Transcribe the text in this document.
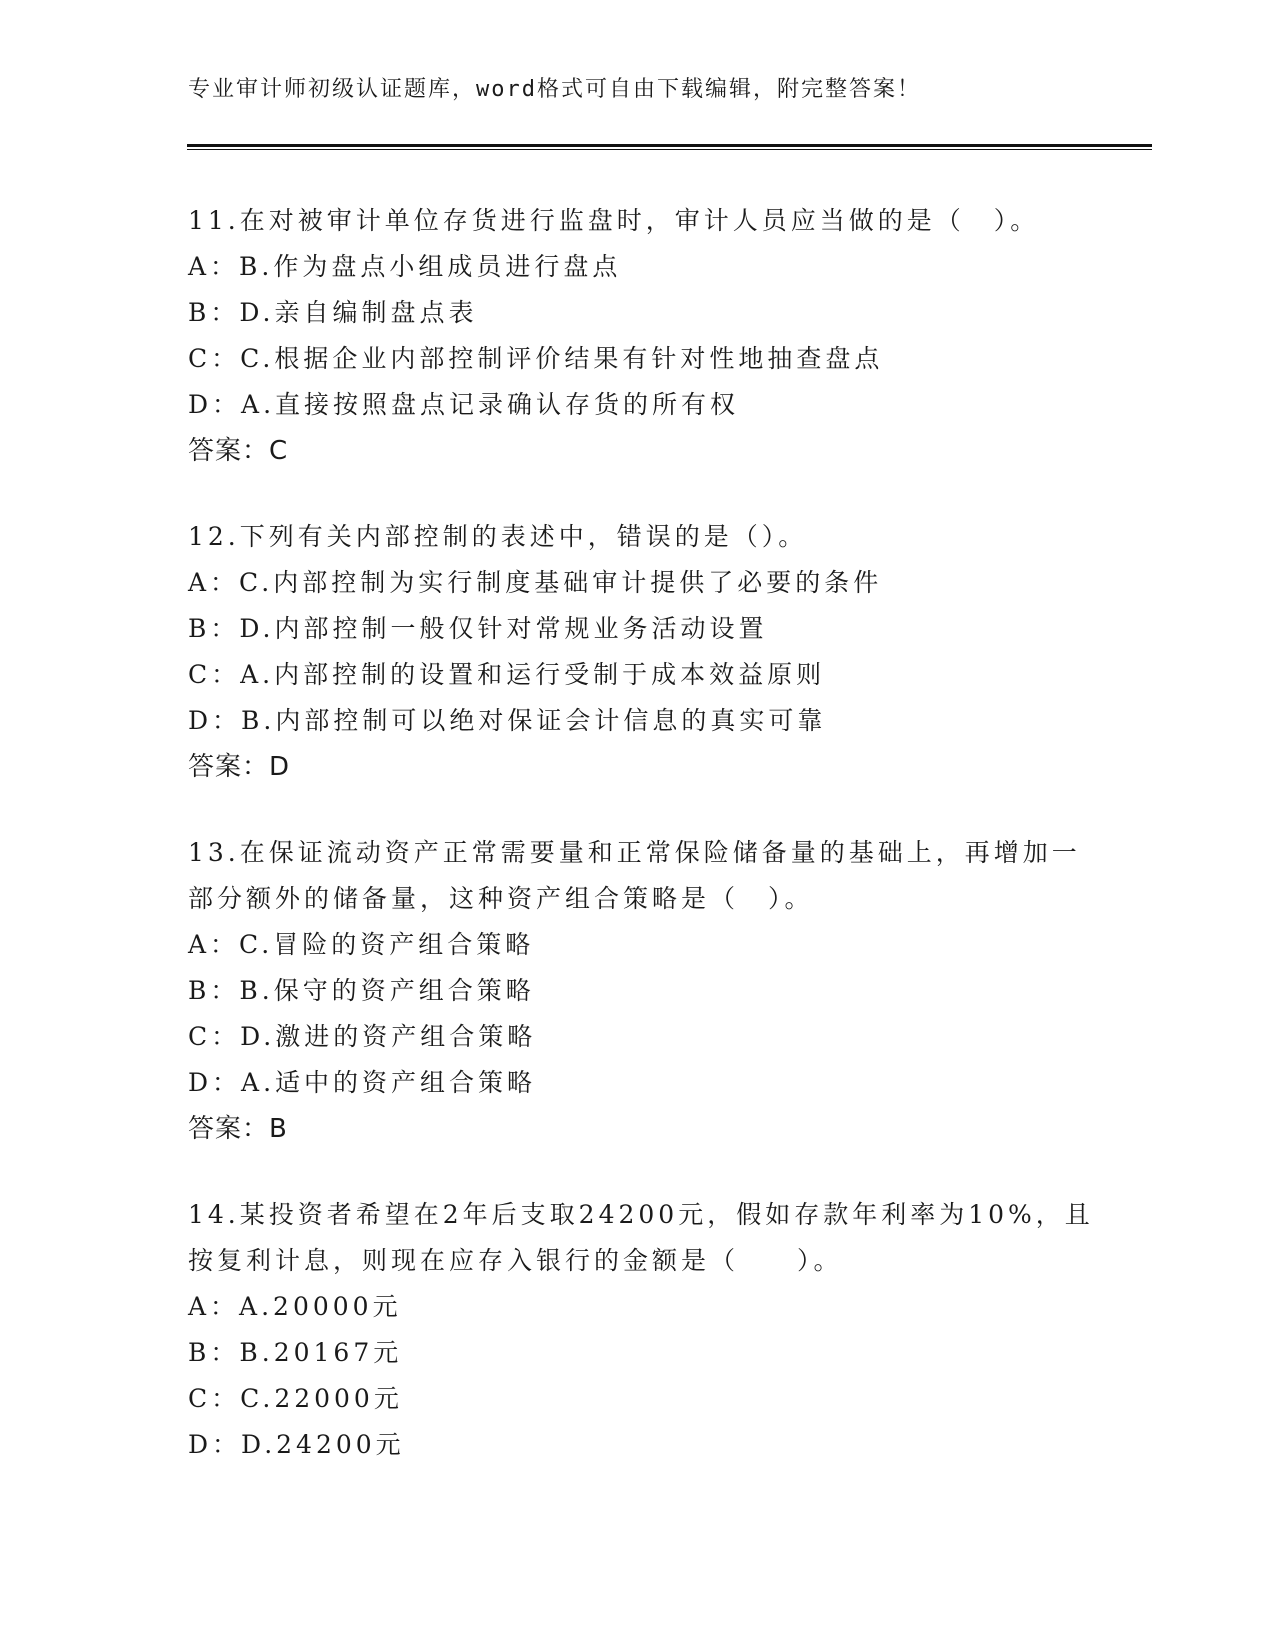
专业审计师初级认证题库，word格式可自由下载编辑，附完整答案！
11.在对被审计单位存货进行监盘时，审计人员应当做的是（　）。
A：B.作为盘点小组成员进行盘点
B：D.亲自编制盘点表
C：C.根据企业内部控制评价结果有针对性地抽查盘点
D：A.直接按照盘点记录确认存货的所有权
答案：C
12.下列有关内部控制的表述中，错误的是（）。
A：C.内部控制为实行制度基础审计提供了必要的条件
B：D.内部控制一般仅针对常规业务活动设置
C：A.内部控制的设置和运行受制于成本效益原则
D：B.内部控制可以绝对保证会计信息的真实可靠
答案：D
13.在保证流动资产正常需要量和正常保险储备量的基础上，再增加一
部分额外的储备量，这种资产组合策略是（　）。
A：C.冒险的资产组合策略
B：B.保守的资产组合策略
C：D.激进的资产组合策略
D：A.适中的资产组合策略
答案：B
14.某投资者希望在2年后支取24200元，假如存款年利率为10%，且
按复利计息，则现在应存入银行的金额是（　　）。
A：A.20000元
B：B.20167元
C：C.22000元
D：D.24200元
